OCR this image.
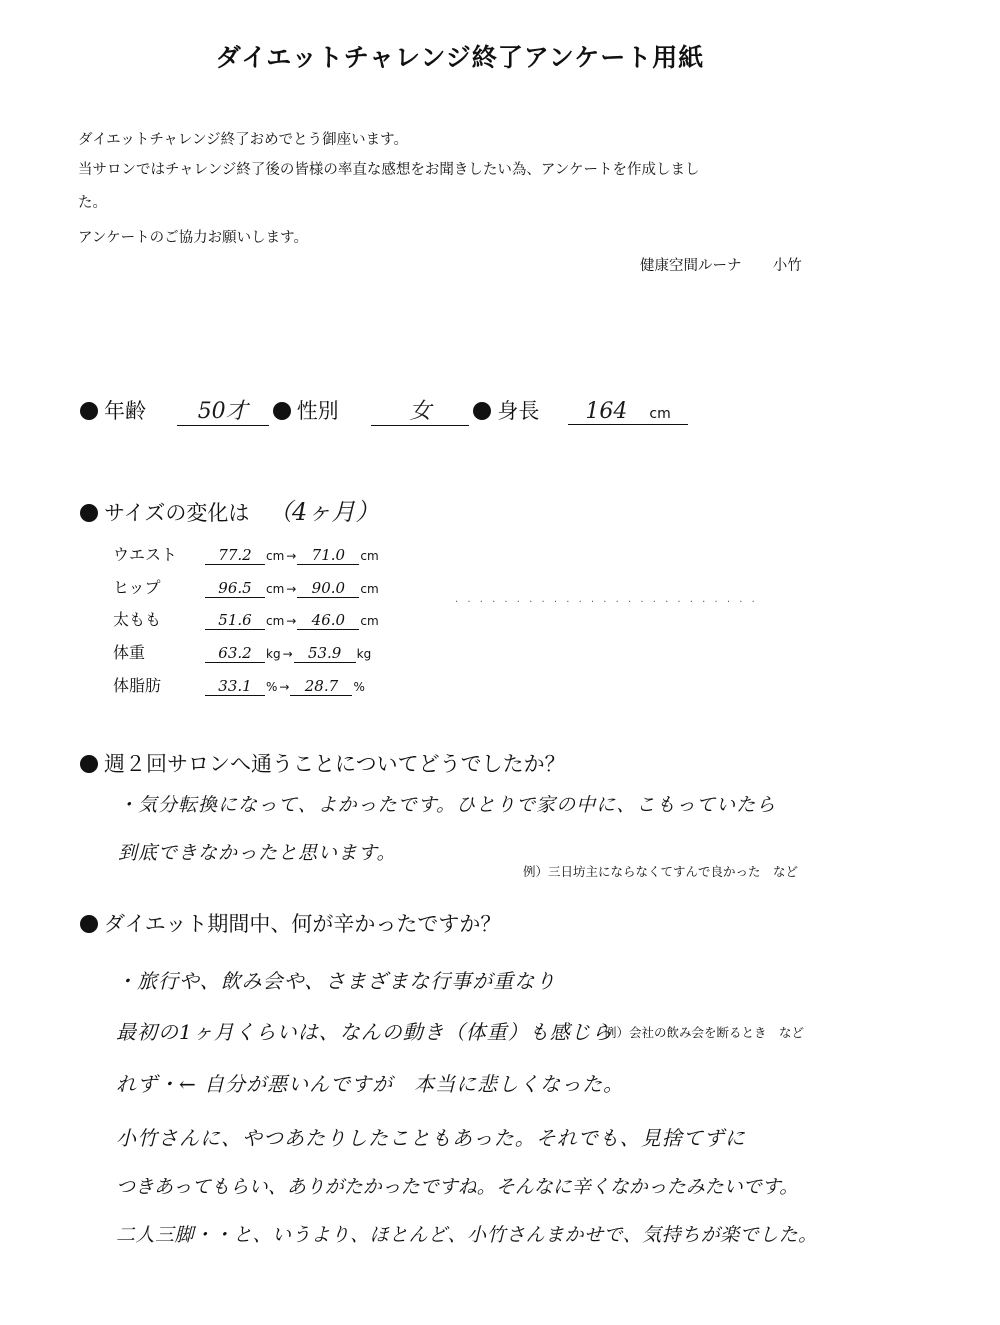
ダイエットチャレンジ終了アンケート用紙
ダイエットチャレンジ終了おめでとう御座います。
当サロンではチャレンジ終了後の皆様の率直な感想をお聞きしたい為、アンケートを作成しまし
た。
アンケートのご協力お願いします。
健康空間ルーナ 小竹
年齢 50才 性別	女	身長 164 cm
サイズの変化は （4ヶ月）
ウエスト	77.2 cm → 71.0 cm
ヒップ	96.5 cm → 90.0 cm
太もも	51.6 cm → 46.0 cm
体重	63.2 kg → 53.9 kg
体脂肪	33.1 % → 28.7 %
· · · · · · · · · · · · · · · · · · · · · · · · ·
週２回サロンへ通うことについてどうでしたか？
・気分転換になって、よかったです。ひとりで家の中に、こもっていたら
到底できなかったと思います。
例）三日坊主にならなくてすんで良かった　など
ダイエット期間中、何が辛かったですか？
・旅行や、飲み会や、さまざまな行事が重なり
最初の1ヶ月くらいは、なんの動き（体重）も感じら
例）会社の飲み会を断るとき　など
れず・← 自分が悪いんですが　本当に悲しくなった。
小竹さんに、やつあたりしたこともあった。それでも、見捨てずに
つきあってもらい、ありがたかったですね。そんなに辛くなかったみたいです。
二人三脚・・と、いうより、ほとんど、小竹さんまかせで、気持ちが楽でした。
